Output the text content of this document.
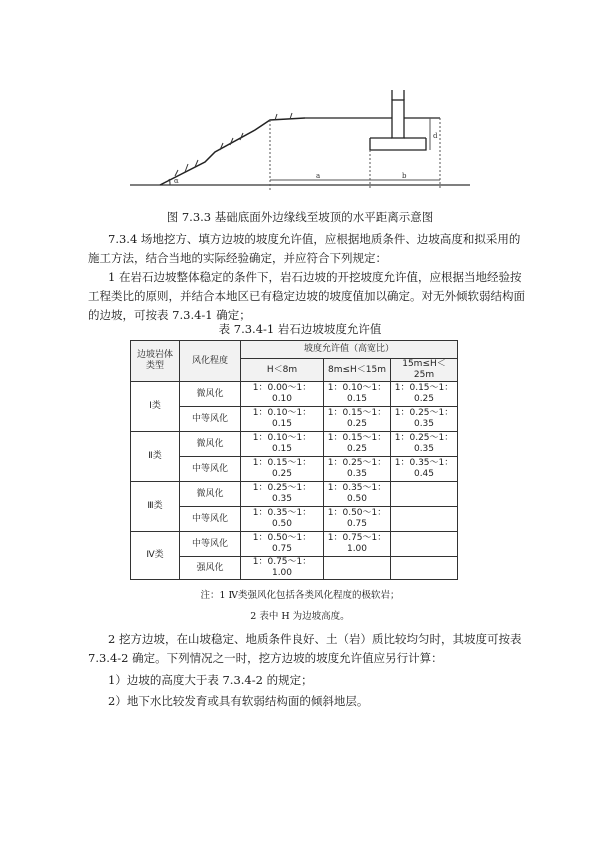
α
d
a	b
图 7.3.3 基础底面外边缘线至坡顶的水平距离示意图
7.3.4 场地挖方、填方边坡的坡度允许值，应根据地质条件、边坡高度和拟采用的施工方法，结合当地的实际经验确定，并应符合下列规定：
1 在岩石边坡整体稳定的条件下，岩石边坡的开挖坡度允许值，应根据当地经验按工程类比的原则，并结合本地区已有稳定边坡的坡度值加以确定。对无外倾软弱结构面的边坡，可按表 7.3.4-1 确定；
表 7.3.4-1 岩石边坡坡度允许值
边坡岩体类型	风化程度	坡度允许值（高宽比）		
		H＜8m	8m≤H＜15m	15m≤H＜25m
Ⅰ类	微风化	1：0.00～1：0.10	1：0.10～1：0.15	1：0.15～1：0.25
	中等风化	1：0.10～1：0.15	1：0.15～1：0.25	1：0.25～1：0.35
Ⅱ类	微风化	1：0.10～1：0.15	1：0.15～1：0.25	1：0.25～1：0.35
	中等风化	1：0.15～1：0.25	1：0.25～1：0.35	1：0.35～1：0.45
Ⅲ类	微风化	1：0.25～1：0.35	1：0.35～1：0.50	
	中等风化	1：0.35～1：0.50	1：0.50～1：0.75	
Ⅳ类	中等风化	1：0.50～1：0.75	1：0.75～1：1.00	
	强风化	1：0.75～1：1.00		
注：1 Ⅳ类强风化包括各类风化程度的极软岩；
2 表中 H 为边坡高度。
2 挖方边坡，在山坡稳定、地质条件良好、土（岩）质比较均匀时，其坡度可按表 7.3.4-2 确定。下列情况之一时，挖方边坡的坡度允许值应另行计算：
1）边坡的高度大于表 7.3.4-2 的规定；
2）地下水比较发育或具有软弱结构面的倾斜地层。
